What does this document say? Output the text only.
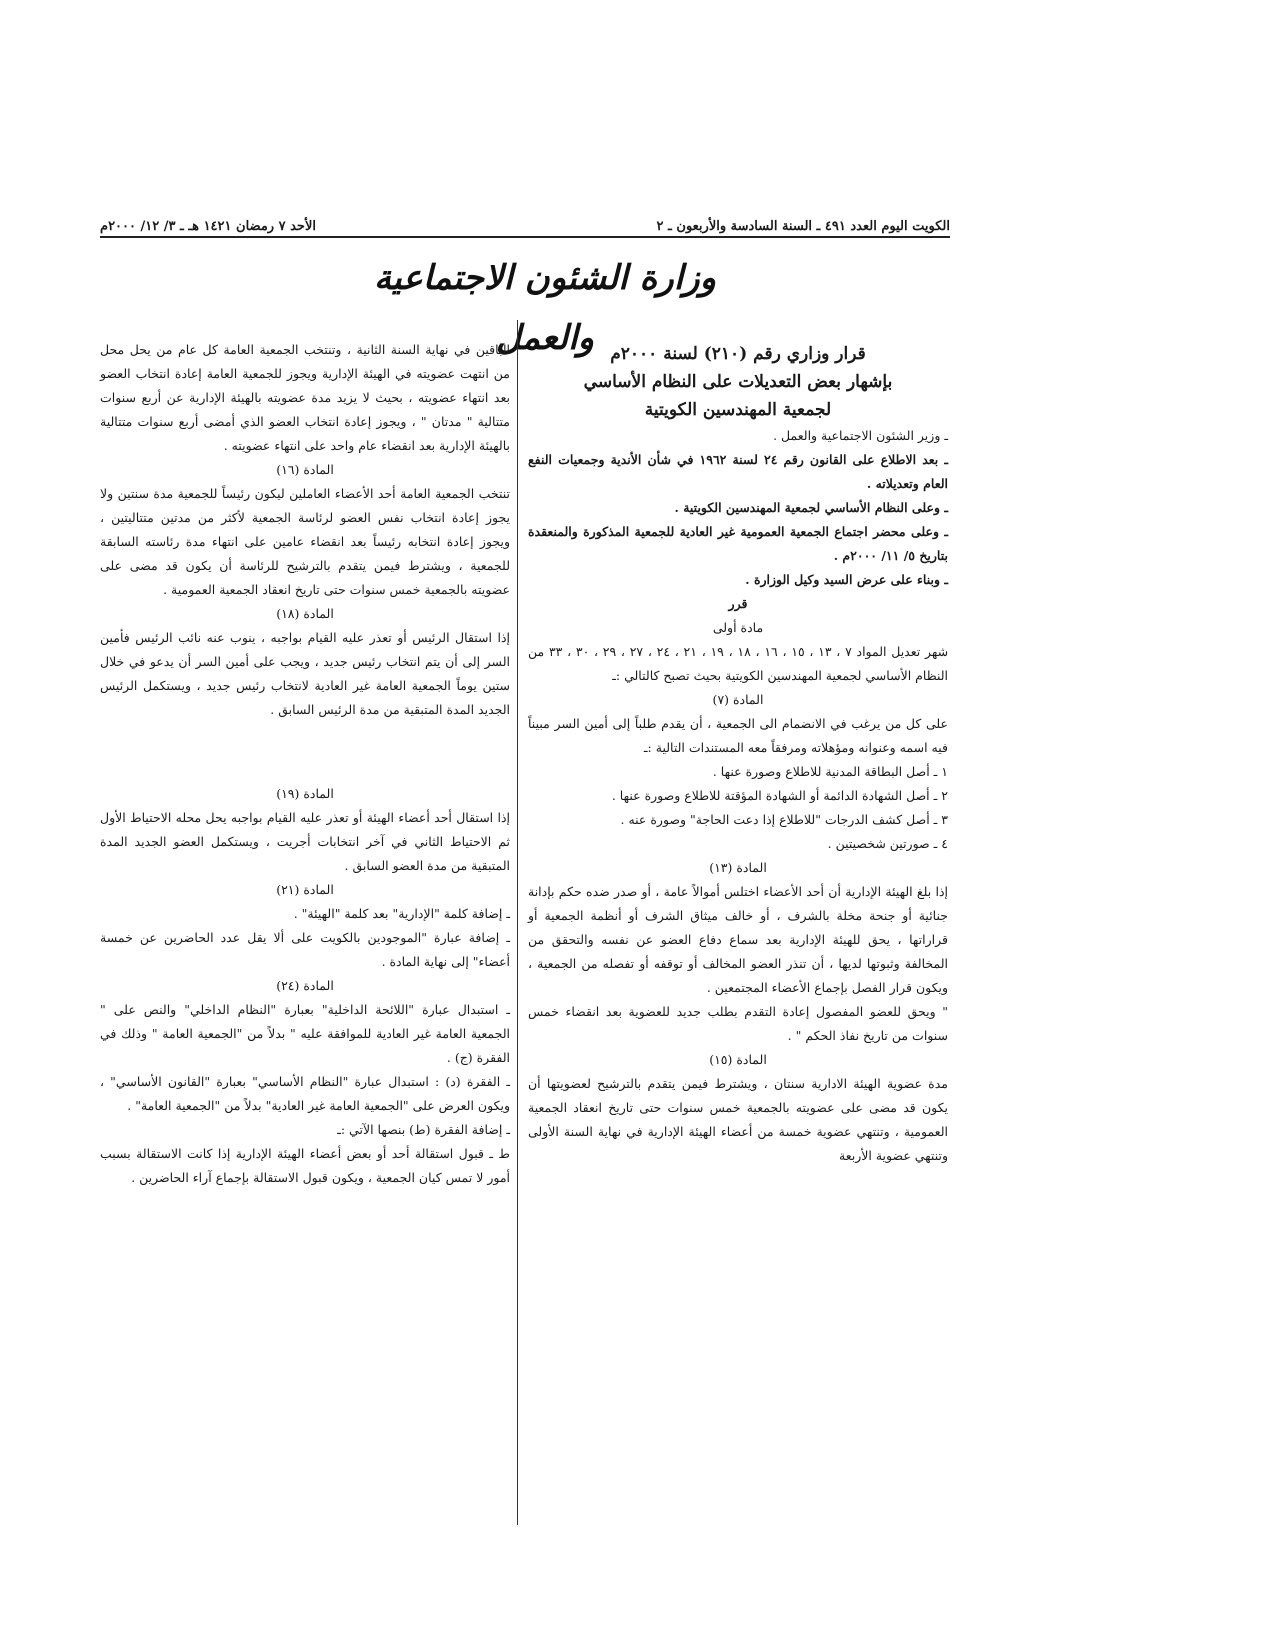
الكويت اليوم العدد ٤٩١ ـ السنة السادسة والأربعون ـ ٢
الأحد ٧ رمضان ١٤٢١ هـ ـ ٣/ ١٢/ ٢٠٠٠م
وزارة الشئون الاجتماعية والعمل قرار وزاري رقم (٢١٠) لسنة ٢٠٠٠م

بإشهار بعض التعديلات على النظام الأساسي

لجمعية المهندسين الكويتية

ـ وزير الشئون الاجتماعية والعمل .

ـ بعد الاطلاع على القانون رقم ٢٤ لسنة ١٩٦٢ في شأن الأندية وجمعيات النفع العام وتعديلاته .

ـ وعلى النظام الأساسي لجمعية المهندسين الكويتية .

ـ وعلى محضر اجتماع الجمعية العمومية غير العادية للجمعية المذكورة والمنعقدة بتاريخ ٥/ ١١/ ٢٠٠٠م .

ـ وبناء على عرض السيد وكيل الوزارة .

قرر

مادة أولى

شهر تعديل المواد ٧ ، ١٣ ، ١٥ ، ١٦ ، ١٨ ، ١٩ ، ٢١ ، ٢٤ ، ٢٧ ، ٢٩ ، ٣٠ ، ٣٣ من النظام الأساسي لجمعية المهندسين الكويتية بحيث تصبح كالتالي :ـ

المادة (٧)

على كل من يرغب في الانضمام الى الجمعية ، أن يقدم طلباً إلى أمين السر مبيناً فيه اسمه وعنوانه ومؤهلاته ومرفقاً معه المستندات التالية :ـ

١ ـ أصل البطاقة المدنية للاطلاع وصورة عنها .

٢ ـ أصل الشهادة الدائمة أو الشهادة المؤقتة للاطلاع وصورة عنها .

٣ ـ أصل كشف الدرجات "للاطلاع إذا دعت الحاجة" وصورة عنه .

٤ ـ صورتين شخصيتين .

المادة (١٣)

إذا بلغ الهيئة الإدارية أن أحد الأعضاء اختلس أموالاً عامة ، أو صدر ضده حكم بإدانة جنائية أو جنحة مخلة بالشرف ، أو خالف ميثاق الشرف أو أنظمة الجمعية أو قراراتها ، يحق للهيئة الإدارية بعد سماع دفاع العضو عن نفسه والتحقق من المخالفة وثبوتها لديها ، أن تنذر العضو المخالف أو توقفه أو تفصله من الجمعية ، ويكون قرار الفصل بإجماع الأعضاء المجتمعين .

" ويحق للعضو المفصول إعادة التقدم بطلب جديد للعضوية بعد انقضاء خمس سنوات من تاريخ نفاذ الحكم " .

المادة (١٥)

مدة عضوية الهيئة الادارية سنتان ، ويشترط فيمن يتقدم بالترشيح لعضويتها أن يكون قد مضى على عضويته بالجمعية خمس سنوات حتى تاريخ انعقاد الجمعية العمومية ، وتنتهي عضوية خمسة من أعضاء الهيئة الإدارية في نهاية السنة الأولى وتنتهي عضوية الأربعة

الباقين في نهاية السنة الثانية ، وتنتخب الجمعية العامة كل عام من يحل محل من انتهت عضويته في الهيئة الإدارية ويجوز للجمعية العامة إعادة انتخاب العضو بعد انتهاء عضويته ، بحيث لا يزيد مدة عضويته بالهيئة الإدارية عن أربع سنوات متتالية " مدتان " ، ويجوز إعادة انتخاب العضو الذي أمضى أربع سنوات متتالية بالهيئة الإدارية بعد انقضاء عام واحد على انتهاء عضويته .

المادة (١٦)

تنتخب الجمعية العامة أحد الأعضاء العاملين ليكون رئيساً للجمعية مدة سنتين ولا يجوز إعادة انتخاب نفس العضو لرئاسة الجمعية لأكثر من مدتين متتاليتين ، ويجوز إعادة انتخابه رئيساً بعد انقضاء عامين على انتهاء مدة رئاسته السابقة للجمعية ، ويشترط فيمن يتقدم بالترشيح للرئاسة أن يكون قد مضى على عضويته بالجمعية خمس سنوات حتى تاريخ انعقاد الجمعية العمومية .

المادة (١٨)

إذا استقال الرئيس أو تعذر عليه القيام بواجبه ، ينوب عنه نائب الرئيس فأمين السر إلى أن يتم انتخاب رئيس جديد ، ويجب على أمين السر أن يدعو في خلال ستين يوماً الجمعية العامة غير العادية لانتخاب رئيس جديد ، ويستكمل الرئيس الجديد المدة المتبقية من مدة الرئيس السابق .

المادة (١٩)

إذا استقال أحد أعضاء الهيئة أو تعذر عليه القيام بواجبه يحل محله الاحتياط الأول ثم الاحتياط الثاني في آخر انتخابات أجريت ، ويستكمل العضو الجديد المدة المتبقية من مدة العضو السابق .

المادة (٢١)

ـ إضافة كلمة "الإدارية" بعد كلمة "الهيئة" .

ـ إضافة عبارة "الموجودين بالكويت على ألا يقل عدد الحاضرين عن خمسة أعضاء" إلى نهاية المادة .

المادة (٢٤)

ـ استبدال عبارة "اللائحة الداخلية" بعبارة "النظام الداخلي" والنص على " الجمعية العامة غير العادية للموافقة عليه " بدلاً من "الجمعية العامة " وذلك في الفقرة (ج) .

ـ الفقرة (د) : استبدال عبارة "النظام الأساسي" بعبارة "القانون الأساسي" ، ويكون العرض على "الجمعية العامة غير العادية" بدلاً من "الجمعية العامة" .

ـ إضافة الفقرة (ط) بنصها الآتي :ـ

ط ـ قبول استقالة أحد أو بعض أعضاء الهيئة الإدارية إذا كانت الاستقالة بسبب أمور لا تمس كيان الجمعية ، ويكون قبول الاستقالة بإجماع آراء الحاضرين .
